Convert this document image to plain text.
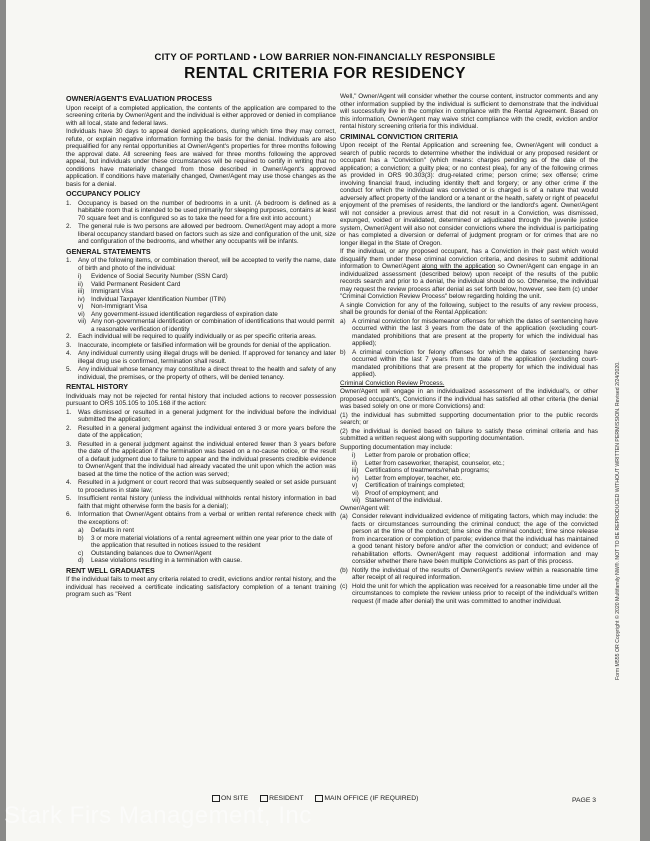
CITY OF PORTLAND • LOW BARRIER NON-FINANCIALLY RESPONSIBLE
RENTAL CRITERIA FOR RESIDENCY
OWNER/AGENT'S EVALUATION PROCESS
Upon receipt of a completed application, the contents of the application are compared to the screening criteria by Owner/Agent and the individual is either approved or denied in compliance with all local, state and federal laws.
Individuals have 30 days to appeal denied applications, during which time they may correct, refute, or explain negative information forming the basis for the denial. Individuals are also prequalified for any rental opportunities at Owner/Agent's properties for three months following the approval date. All screening fees are waived for three months following the approved appeal, but individuals under these circumstances will be required to certify in writing that no conditions have materially changed from those described in Owner/Agent's approved application. If conditions have materially changed, Owner/Agent may use those changes as the basis for a denial.
OCCUPANCY POLICY
1.	Occupancy is based on the number of bedrooms in a unit. (A bedroom is defined as a habitable room that is intended to be used primarily for sleeping purposes, contains at least 70 square feet and is configured so as to take the need for a fire exit into account.)
2.	The general rule is two persons are allowed per bedroom. Owner/Agent may adopt a more liberal occupancy standard based on factors such as size and configuration of the unit, size and configuration of the bedrooms, and whether any occupants will be infants.
GENERAL STATEMENTS
1.	Any of the following items, or combination thereof, will be accepted to verify the name, date of birth and photo of the individual:
i)	Evidence of Social Security Number (SSN Card)
ii)	Valid Permanent Resident Card
iii)	Immigrant Visa
iv) Individual Taxpayer Identification Number (ITIN)
v)	Non-Immigrant Visa
vi) Any government-issued identification regardless of expiration date
vii) Any non-governmental identification or combination of identifications that would permit a reasonable verification of identity
2.	Each individual will be required to qualify individually or as per specific criteria areas.
3.	Inaccurate, incomplete or falsified information will be grounds for denial of the application.
4.	Any individual currently using illegal drugs will be denied. If approved for tenancy and later illegal drug use is confirmed, termination shall result.
5.	Any individual whose tenancy may constitute a direct threat to the health and safety of any individual, the premises, or the property of others, will be denied tenancy.
RENTAL HISTORY
Individuals may not be rejected for rental history that included actions to recover possession pursuant to ORS 105.105 to 105.168 if the action:
1.	Was dismissed or resulted in a general judgment for the individual before the individual submitted the application;
2.	Resulted in a general judgment against the individual entered 3 or more years before the date of the application;
3.	Resulted in a general judgment against the individual entered fewer than 3 years before the date of the application if the termination was based on a no-cause notice, or the result of a default judgment due to failure to appear and the individual presents credible evidence to Owner/Agent that the individual had already vacated the unit upon which the action was based at the time the notice of the action was served;
4.	Resulted in a judgment or court record that was subsequently sealed or set aside pursuant to procedures in state law;
5.	Insufficient rental history (unless the individual withholds rental history information in bad faith that might otherwise form the basis for a denial);
6.	Information that Owner/Agent obtains from a verbal or written rental reference check with the exceptions of:
a)	Defaults in rent
b)	3 or more material violations of a rental agreement within one year prior to the date of the application that resulted in notices issued to the resident
c)	Outstanding balances due to Owner/Agent
d)	Lease violations resulting in a termination with cause.
RENT WELL GRADUATES
If the individual fails to meet any criteria related to credit, evictions and/or rental history, and the individual has received a certificate indicating satisfactory completion of a tenant training program such as "Rent
Well," Owner/Agent will consider whether the course content, instructor comments and any other information supplied by the individual is sufficient to demonstrate that the individual will successfully live in the complex in compliance with the Rental Agreement. Based on this information, Owner/Agent may waive strict compliance with the credit, eviction and/or rental history screening criteria for this individual.
CRIMINAL CONVICTION CRITERIA
Upon receipt of the Rental Application and screening fee, Owner/Agent will conduct a search of public records to determine whether the individual or any proposed resident or occupant has a "Conviction" (which means: charges pending as of the date of the application; a conviction; a guilty plea; or no contest plea), for any of the following crimes as provided in ORS 90.303(3): drug-related crime; person crime; sex offense; crime involving financial fraud, including identity theft and forgery; or any other crime if the conduct for which the individual was convicted or is charged is of a nature that would adversely affect property of the landlord or a tenant or the health, safety or right of peaceful enjoyment of the premises of residents, the landlord or the landlord's agent. Owner/Agent will not consider a previous arrest that did not result in a Conviction, was dismissed, expunged, voided or invalidated, determined or adjudicated through the juvenile justice system, Owner/Agent will also not consider convictions where the individual is participating or has completed a diversion or deferral of judgment program or for crimes that are no longer illegal in the State of Oregon.
If the individual, or any proposed occupant, has a Conviction in their past which would disqualify them under these criminal conviction criteria, and desires to submit additional information to Owner/Agent along with the application so Owner/Agent can engage in an individualized assessment (described below) upon receipt of the results of the public records search and prior to a denial, the individual should do so. Otherwise, the individual may request the review process after denial as set forth below, however, see item (c) under "Criminal Conviction Review Process" below regarding holding the unit.
A single Conviction for any of the following, subject to the results of any review process, shall be grounds for denial of the Rental Application:
a) A criminal conviction for misdemeanor offenses for which the dates of sentencing have occurred within the last 3 years from the date of the application (excluding court-mandated prohibitions that are present at the property for which the individual has applied);
b) A criminal conviction for felony offenses for which the dates of sentencing have occurred within the last 7 years from the date of the application (excluding court-mandated prohibitions that are present at the property for which the individual has applied).
Criminal Conviction Review Process.
Owner/Agent will engage in an individualized assessment of the individual's, or other proposed occupant's, Convictions if the individual has satisfied all other criteria (the denial was based solely on one or more Convictions) and:
(1) the individual has submitted supporting documentation prior to the public records search; or
(2) the individual is denied based on failure to satisfy these criminal criteria and has submitted a written request along with supporting documentation.
Supporting documentation may include:
i)	Letter from parole or probation office;
ii)	Letter from caseworker, therapist, counselor, etc.;
iii)	Certifications of treatments/rehab programs;
iv) Letter from employer, teacher, etc.
v)	Certification of trainings completed;
vi) Proof of employment; and
vii) Statement of the individual.
Owner/Agent will:
(a) Consider relevant individualized evidence of mitigating factors, which may include: the facts or circumstances surrounding the criminal conduct; the age of the convicted person at the time of the conduct; time since the criminal conduct; time since release from incarceration or completion of parole; evidence that the individual has maintained a good tenant history before and/or after the conviction or conduct; and evidence of rehabilitation efforts. Owner/Agent may request additional information and may consider whether there have been multiple Convictions as part of this process.
(b) Notify the individual of the results of Owner/Agent's review within a reasonable time after receipt of all required information.
(c) Hold the unit for which the application was received for a reasonable time under all the circumstances to complete the review unless prior to receipt of the individual's written request (if made after denial) the unit was committed to another individual.	Form M555 OR Copyright © 2020 Multifamily NW®. NOT TO BE REPRODUCED WITHOUT WRITTEN PERMISSION. Revised 2/24/2020.
ON SITE	RESIDENT	MAIN OFFICE (IF REQUIRED)	PAGE 3
Stark Firs Management, Inc
